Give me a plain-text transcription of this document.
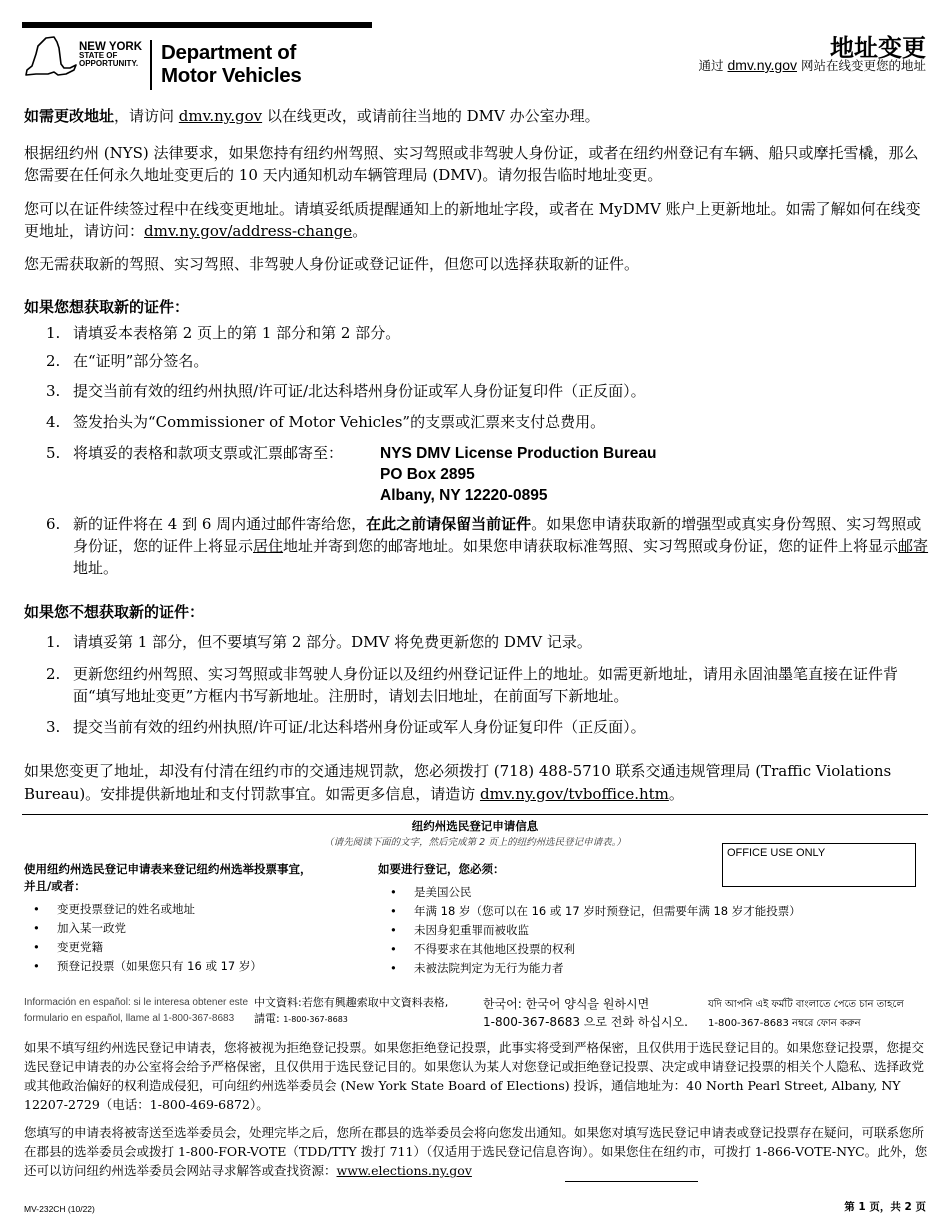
NEW YORK
STATE OF
OPPORTUNITY. Department of
Motor Vehicles
地址变更
通过 dmv.ny.gov 网站在线变更您的地址
如需更改地址，请访问 dmv.ny.gov 以在线更改，或请前往当地的 DMV 办公室办理。
根据纽约州 (NYS) 法律要求，如果您持有纽约州驾照、实习驾照或非驾驶人身份证，或者在纽约州登记有车辆、船只或摩托雪橇，那么您需要在任何永久地址变更后的 10 天内通知机动车辆管理局 (DMV)。请勿报告临时地址变更。
您可以在证件续签过程中在线变更地址。请填妥纸质提醒通知上的新地址字段，或者在 MyDMV 账户上更新地址。如需了解如何在线变更地址，请访问：dmv.ny.gov/address-change。
您无需获取新的驾照、实习驾照、非驾驶人身份证或登记证件，但您可以选择获取新的证件。
如果您想获取新的证件：
1. 请填妥本表格第 2 页上的第 1 部分和第 2 部分。
2. 在“证明”部分签名。
3. 提交当前有效的纽约州执照/许可证/北达科塔州身份证或军人身份证复印件（正反面）。
4. 签发抬头为“Commissioner of Motor Vehicles”的支票或汇票来支付总费用。
5. 将填妥的表格和款项支票或汇票邮寄至：	NYS DMV License Production Bureau
PO Box 2895
Albany, NY 12220-0895
6. 新的证件将在 4 到 6 周内通过邮件寄给您，在此之前请保留当前证件。如果您申请获取新的增强型或真实身份驾照、实习驾照或身份证，您的证件上将显示居住地址并寄到您的邮寄地址。如果您申请获取标准驾照、实习驾照或身份证，您的证件上将显示邮寄地址。
如果您不想获取新的证件：
1. 请填妥第 1 部分，但不要填写第 2 部分。DMV 将免费更新您的 DMV 记录。
2. 更新您纽约州驾照、实习驾照或非驾驶人身份证以及纽约州登记证件上的地址。如需更新地址，请用永固油墨笔直接在证件背面“填写地址变更”方框内书写新地址。注册时，请划去旧地址，在前面写下新地址。
3. 提交当前有效的纽约州执照/许可证/北达科塔州身份证或军人身份证复印件（正反面）。
如果您变更了地址，却没有付清在纽约市的交通违规罚款，您必须拨打 (718) 488-5710 联系交通违规管理局 (Traffic Violations Bureau)。安排提供新地址和支付罚款事宜。如需更多信息，请造访 dmv.ny.gov/tvboffice.htm。
纽约州选民登记申请信息
（请先阅读下面的文字，然后完成第 2 页上的纽约州选民登记申请表。）
OFFICE USE ONLY
使用纽约州选民登记申请表来登记纽约州选举投票事宜，
并且/或者：
• 变更投票登记的姓名或地址
• 加入某一政党
• 变更党籍
• 预登记投票（如果您只有 16 或 17 岁）
如要进行登记，您必须：
• 是美国公民
• 年满 18 岁（您可以在 16 或 17 岁时预登记，但需要年满 18 岁才能投票）
• 未因身犯重罪而被收监
• 不得要求在其他地区投票的权利
• 未被法院判定为无行为能力者
Información en español: si le interesa obtener este
formulario en español, llame al 1-800-367-8683
中文資料:若您有興趣索取中文資料表格,
請電: 1-800-367-8683
한국어: 한국어 양식을 원하시면
1-800-367-8683 으로 전화 하십시오.
যদি আপনি এই ফর্মটি বাংলাতে পেতে চান তাহলে
1-800-367-8683 নম্বরে ফোন করুন
如果不填写纽约州选民登记申请表，您将被视为拒绝登记投票。如果您拒绝登记投票，此事实将受到严格保密，且仅供用于选民登记目的。如果您登记投票，您提交选民登记申请表的办公室将会给予严格保密，且仅供用于选民登记目的。如果您认为某人对您登记或拒绝登记投票、决定或申请登记投票的相关个人隐私、选择政党或其他政治偏好的权利造成侵犯，可向纽约州选举委员会 (New York State Board of Elections) 投诉，通信地址为：40 North Pearl Street, Albany, NY 12207-2729（电话：1-800-469-6872）。
您填写的申请表将被寄送至选举委员会，处理完毕之后，您所在郡县的选举委员会将向您发出通知。如果您对填写选民登记申请表或登记投票存在疑问，可联系您所在郡县的选举委员会或拨打 1-800-FOR-VOTE（TDD/TTY 拨打 711）（仅适用于选民登记信息咨询）。如果您住在纽约市，可拨打 1-866-VOTE-NYC。此外，您还可以访问纽约州选举委员会网站寻求解答或查找资源：www.elections.ny.gov
MV-232CH (10/22)	第 1 页，共 2 页
